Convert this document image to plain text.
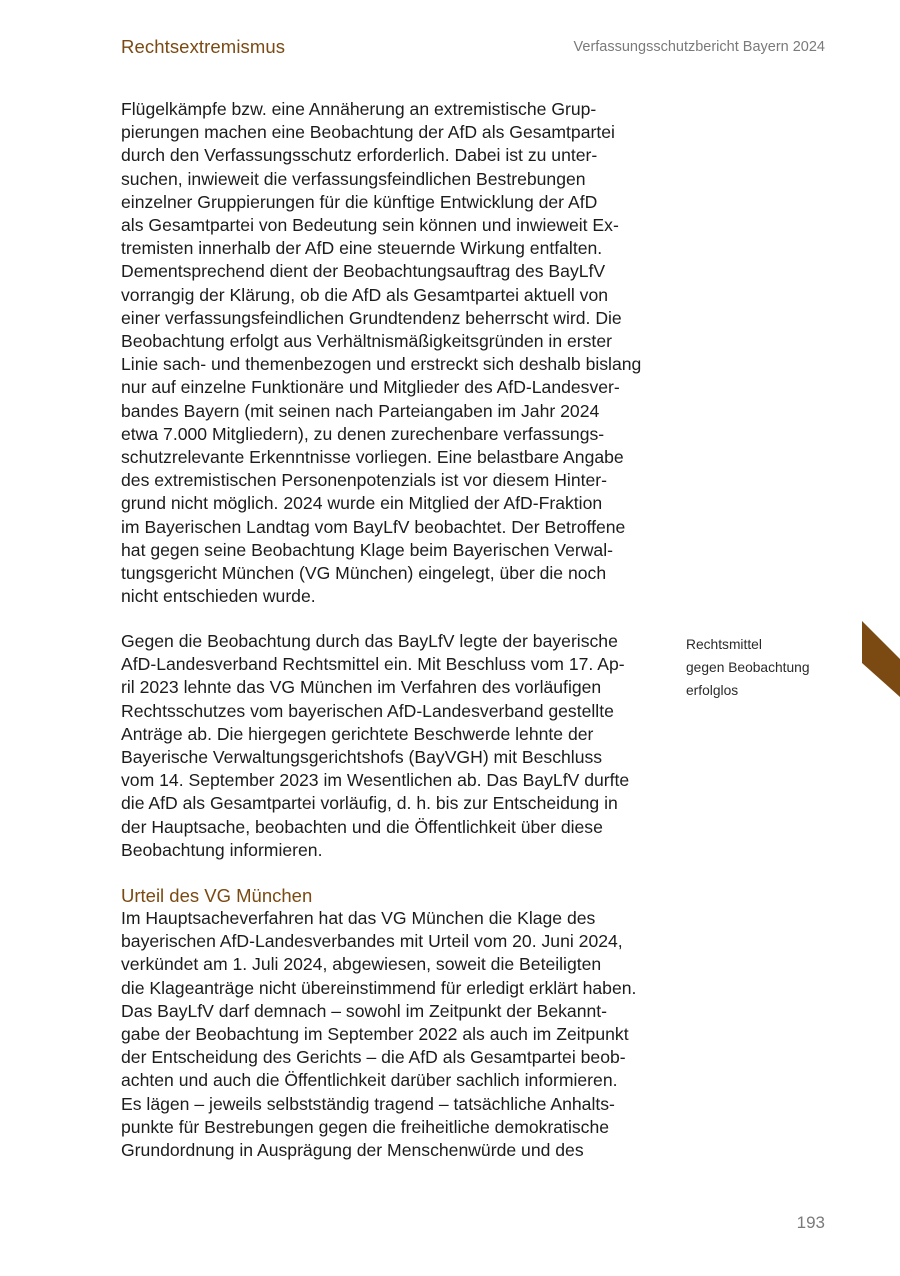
Rechtsextremismus	Verfassungsschutzbericht Bayern 2024

Flügelkämpfe bzw. eine Annäherung an extremistische Grup-

pierungen machen eine Beobachtung der AfD als Gesamtpartei

durch den Verfassungsschutz erforderlich. Dabei ist zu unter-

suchen, inwieweit die verfassungsfeindlichen Bestrebungen

einzelner Gruppierungen für die künftige Entwicklung der AfD

als Gesamtpartei von Bedeutung sein können und inwieweit Ex-

tremisten innerhalb der AfD eine steuernde Wirkung entfalten.

Dementsprechend dient der Beobachtungsauftrag des BayLfV

vorrangig der Klärung, ob die AfD als Gesamtpartei aktuell von

einer verfassungsfeindlichen Grundtendenz beherrscht wird. Die

Beobachtung erfolgt aus Verhältnismäßigkeitsgründen in erster

Linie sach- und themenbezogen und erstreckt sich deshalb bislang

nur auf einzelne Funktionäre und Mitglieder des AfD-Landesver-

bandes Bayern (mit seinen nach Parteiangaben im Jahr 2024

etwa 7.000 Mitgliedern), zu denen zurechenbare verfassungs-

schutzrelevante Erkenntnisse vorliegen. Eine belastbare Angabe

des extremistischen Personenpotenzials ist vor diesem Hinter-

grund nicht möglich. 2024 wurde ein Mitglied der AfD-Fraktion

im Bayerischen Landtag vom BayLfV beobachtet. Der Betroffene

hat gegen seine Beobachtung Klage beim Bayerischen Verwal-

tungsgericht München (VG München) eingelegt, über die noch

nicht entschieden wurde.

Gegen die Beobachtung durch das BayLfV legte der bayerische

AfD-Landesverband Rechtsmittel ein. Mit Beschluss vom 17. Ap-

ril 2023 lehnte das VG München im Verfahren des vorläufigen

Rechtsschutzes vom bayerischen AfD-Landesverband gestellte

Anträge ab. Die hiergegen gerichtete Beschwerde lehnte der

Bayerische Verwaltungsgerichtshofs (BayVGH) mit Beschluss

vom 14. September 2023 im Wesentlichen ab. Das BayLfV durfte

die AfD als Gesamtpartei vorläufig, d. h. bis zur Entscheidung in

der Hauptsache, beobachten und die Öffentlichkeit über diese

Beobachtung informieren.

Urteil des VG München

Im Hauptsacheverfahren hat das VG München die Klage des

bayerischen AfD-Landesverbandes mit Urteil vom 20. Juni 2024,

verkündet am 1. Juli 2024, abgewiesen, soweit die Beteiligten

die Klageanträge nicht übereinstimmend für erledigt erklärt haben.

Das BayLfV darf demnach – sowohl im Zeitpunkt der Bekannt-

gabe der Beobachtung im September 2022 als auch im Zeitpunkt

der Entscheidung des Gerichts – die AfD als Gesamtpartei beob-

achten und auch die Öffentlichkeit darüber sachlich informieren.

Es lägen – jeweils selbstständig tragend – tatsächliche Anhalts-

punkte für Bestrebungen gegen die freiheitliche demokratische

Grundordnung in Ausprägung der Menschenwürde und des

Rechtsmittel
gegen Beobachtung
erfolglos
193
